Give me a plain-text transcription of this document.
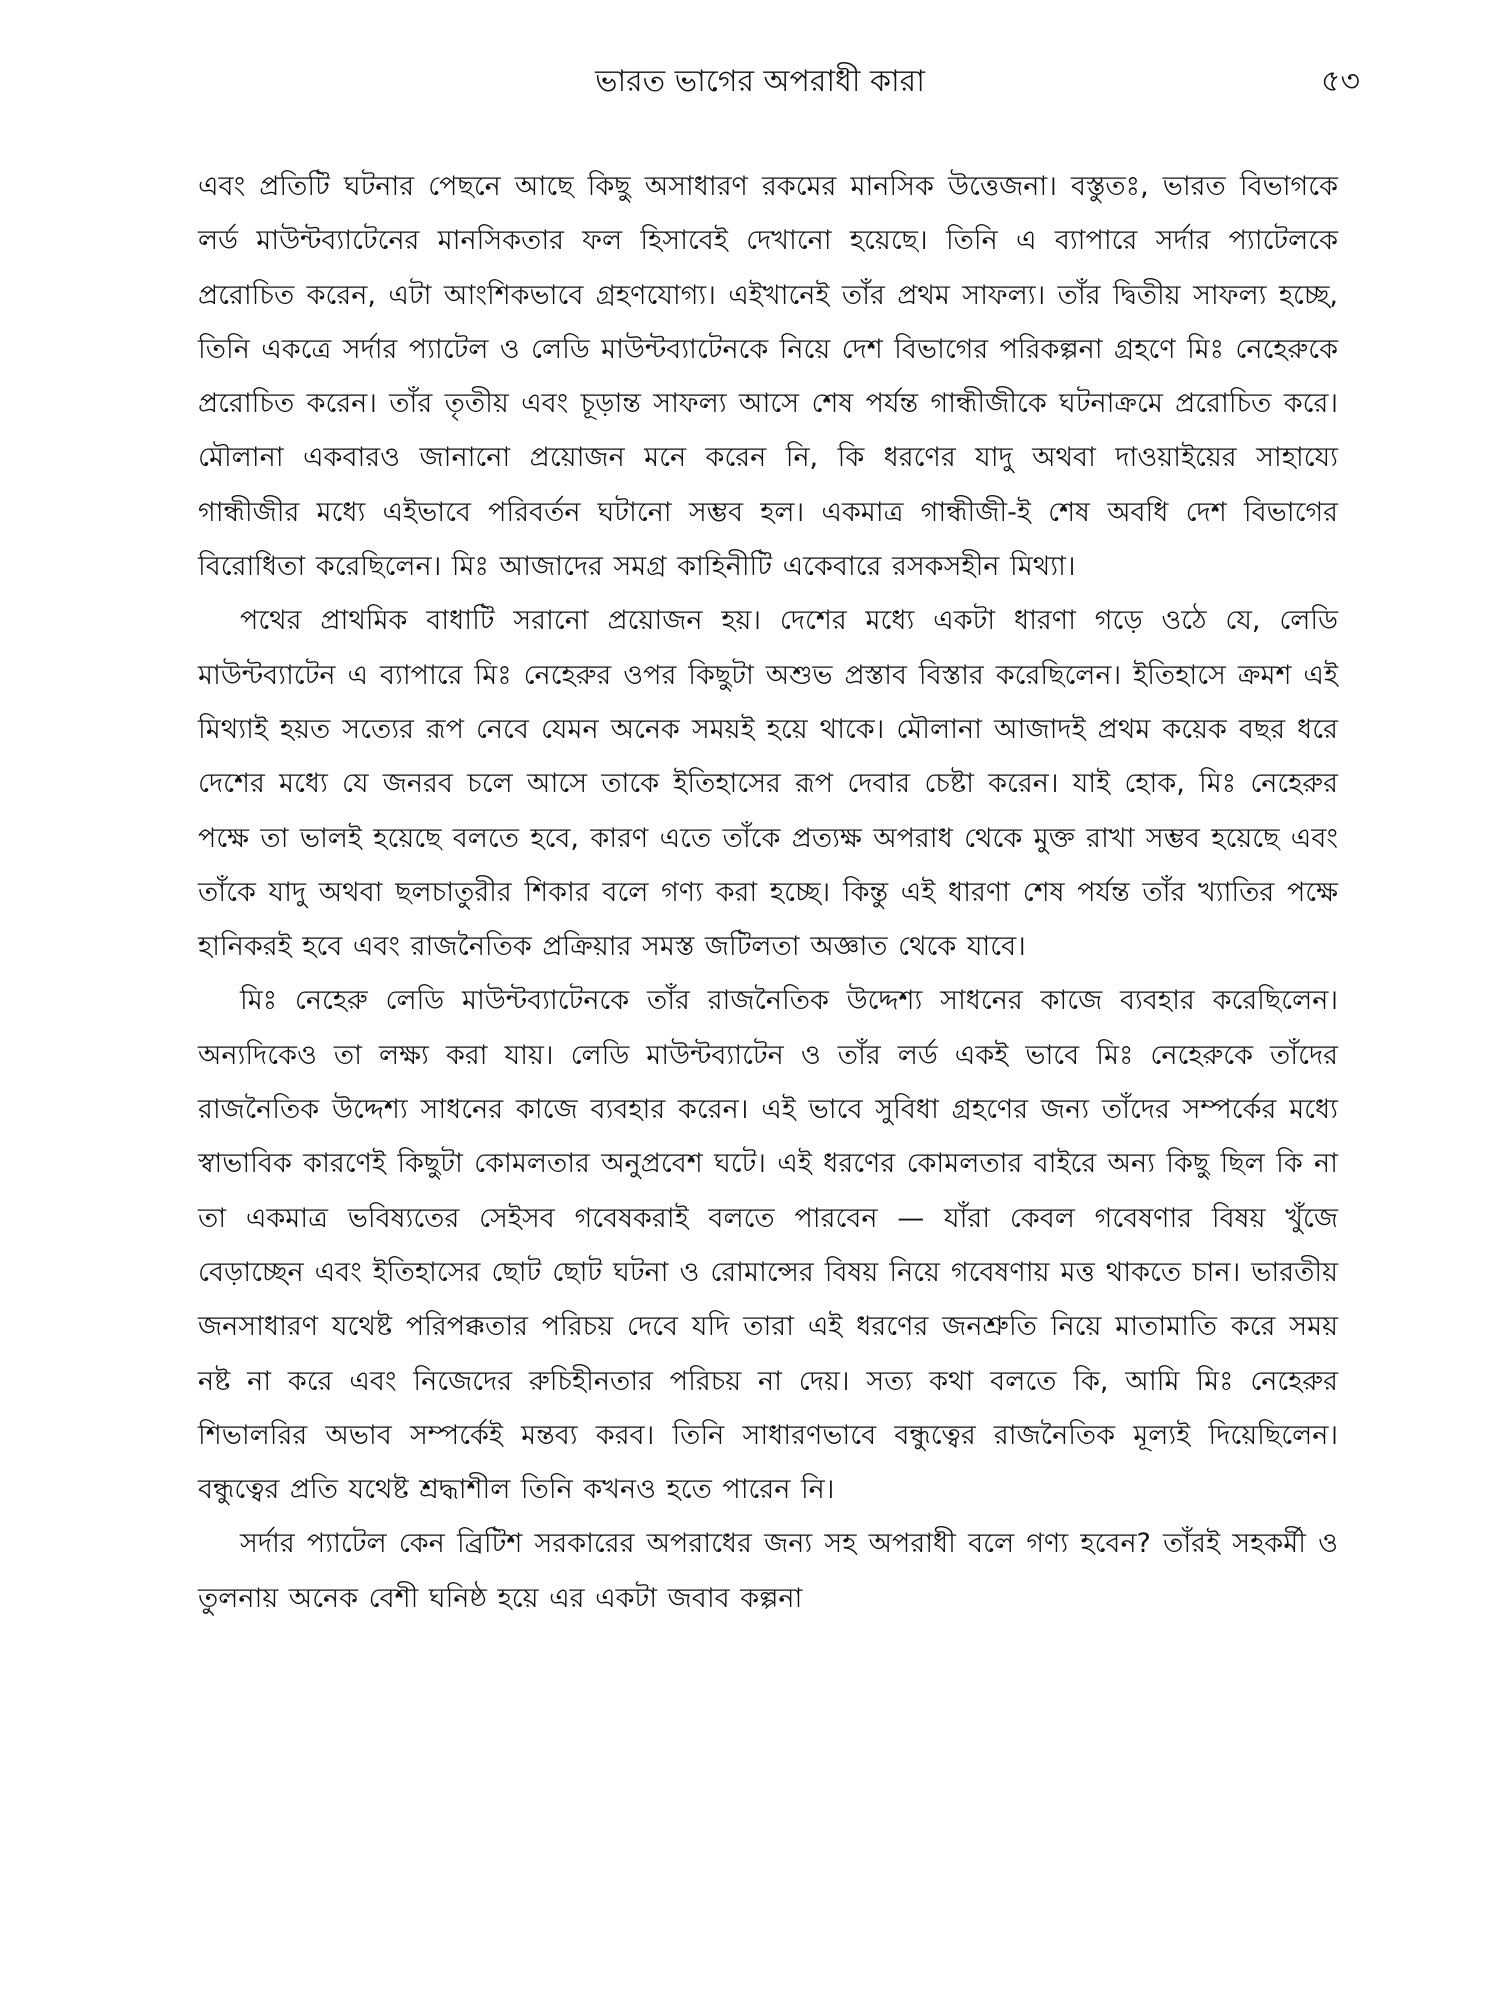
ভারত ভাগের অপরাধী কারা	৫৩

এবং প্রতিটি ঘটনার পেছনে আছে কিছু অসাধারণ রকমের মানসিক উত্তেজনা। বস্তুতঃ, ভারত বিভাগকে লর্ড মাউন্টব্যাটেনের মানসিকতার ফল হিসাবেই দেখানো হয়েছে। তিনি এ ব্যাপারে সর্দার প্যাটেলকে প্ররোচিত করেন, এটা আংশিকভাবে গ্রহণযোগ্য। এইখানেই তাঁর প্রথম সাফল্য। তাঁর দ্বিতীয় সাফল্য হচ্ছে, তিনি একত্রে সর্দার প্যাটেল ও লেডি মাউন্টব্যাটেনকে নিয়ে দেশ বিভাগের পরিকল্পনা গ্রহণে মিঃ নেহেরুকে প্ররোচিত করেন। তাঁর তৃতীয় এবং চূড়ান্ত সাফল্য আসে শেষ পর্যন্ত গান্ধীজীকে ঘটনাক্রমে প্ররোচিত করে। মৌলানা একবারও জানানো প্রয়োজন মনে করেন নি, কি ধরণের যাদু অথবা দাওয়াইয়ের সাহায্যে গান্ধীজীর মধ্যে এইভাবে পরিবর্তন ঘটানো সম্ভব হল। একমাত্র গান্ধীজী-ই শেষ অবধি দেশ বিভাগের বিরোধিতা করেছিলেন। মিঃ আজাদের সমগ্র কাহিনীটি একেবারে রসকসহীন মিথ্যা।

পথের প্রাথমিক বাধাটি সরানো প্রয়োজন হয়। দেশের মধ্যে একটা ধারণা গড়ে ওঠে যে, লেডি মাউন্টব্যাটেন এ ব্যাপারে মিঃ নেহেরুর ওপর কিছুটা অশুভ প্রস্তাব বিস্তার করেছিলেন। ইতিহাসে ক্রমশ এই মিথ্যাই হয়ত সত্যের রূপ নেবে যেমন অনেক সময়ই হয়ে থাকে। মৌলানা আজাদই প্রথম কয়েক বছর ধরে দেশের মধ্যে যে জনরব চলে আসে তাকে ইতিহাসের রূপ দেবার চেষ্টা করেন। যাই হোক, মিঃ নেহেরুর পক্ষে তা ভালই হয়েছে বলতে হবে, কারণ এতে তাঁকে প্রত্যক্ষ অপরাধ থেকে মুক্ত রাখা সম্ভব হয়েছে এবং তাঁকে যাদু অথবা ছলচাতুরীর শিকার বলে গণ্য করা হচ্ছে। কিন্তু এই ধারণা শেষ পর্যন্ত তাঁর খ্যাতির পক্ষে হানিকরই হবে এবং রাজনৈতিক প্রক্রিয়ার সমস্ত জটিলতা অজ্ঞাত থেকে যাবে।

মিঃ নেহেরু লেডি মাউন্টব্যাটেনকে তাঁর রাজনৈতিক উদ্দেশ্য সাধনের কাজে ব্যবহার করেছিলেন। অন্যদিকেও তা লক্ষ্য করা যায়। লেডি মাউন্টব্যাটেন ও তাঁর লর্ড একই ভাবে মিঃ নেহেরুকে তাঁদের রাজনৈতিক উদ্দেশ্য সাধনের কাজে ব্যবহার করেন। এই ভাবে সুবিধা গ্রহণের জন্য তাঁদের সম্পর্কের মধ্যে স্বাভাবিক কারণেই কিছুটা কোমলতার অনুপ্রবেশ ঘটে। এই ধরণের কোমলতার বাইরে অন্য কিছু ছিল কি না তা একমাত্র ভবিষ্যতের সেইসব গবেষকরাই বলতে পারবেন — যাঁরা কেবল গবেষণার বিষয় খুঁজে বেড়াচ্ছেন এবং ইতিহাসের ছোট ছোট ঘটনা ও রোমান্সের বিষয় নিয়ে গবেষণায় মত্ত থাকতে চান। ভারতীয় জনসাধারণ যথেষ্ট পরিপক্কতার পরিচয় দেবে যদি তারা এই ধরণের জনশ্রুতি নিয়ে মাতামাতি করে সময় নষ্ট না করে এবং নিজেদের রুচিহীনতার পরিচয় না দেয়। সত্য কথা বলতে কি, আমি মিঃ নেহেরুর শিভালরির অভাব সম্পর্কেই মন্তব্য করব। তিনি সাধারণভাবে বন্ধুত্বের রাজনৈতিক মূল্যই দিয়েছিলেন। বন্ধুত্বের প্রতি যথেষ্ট শ্রদ্ধাশীল তিনি কখনও হতে পারেন নি।

সর্দার প্যাটেল কেন ব্রিটিশ সরকারের অপরাধের জন্য সহ অপরাধী বলে গণ্য হবেন? তাঁরই সহকর্মী ও তুলনায় অনেক বেশী ঘনিষ্ঠ হয়ে এর একটা জবাব কল্পনা
